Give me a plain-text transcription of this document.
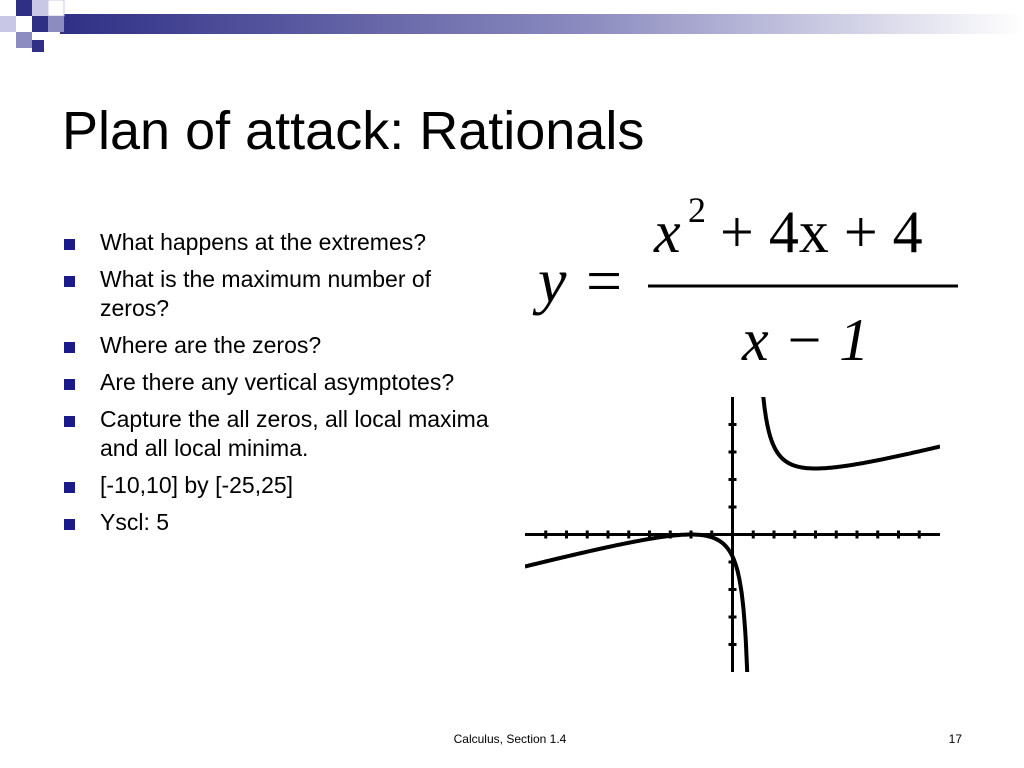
Plan of attack: Rationals
What happens at the extremes?
What is the maximum number of zeros?
Where are the zeros?
Are there any vertical asymptotes?
Capture the all zeros, all local maxima and all local minima.
[-10,10] by [-25,25]
Yscl: 5
y =
x 2 + 4x + 4
x − 1
Calculus, Section 1.4	17
